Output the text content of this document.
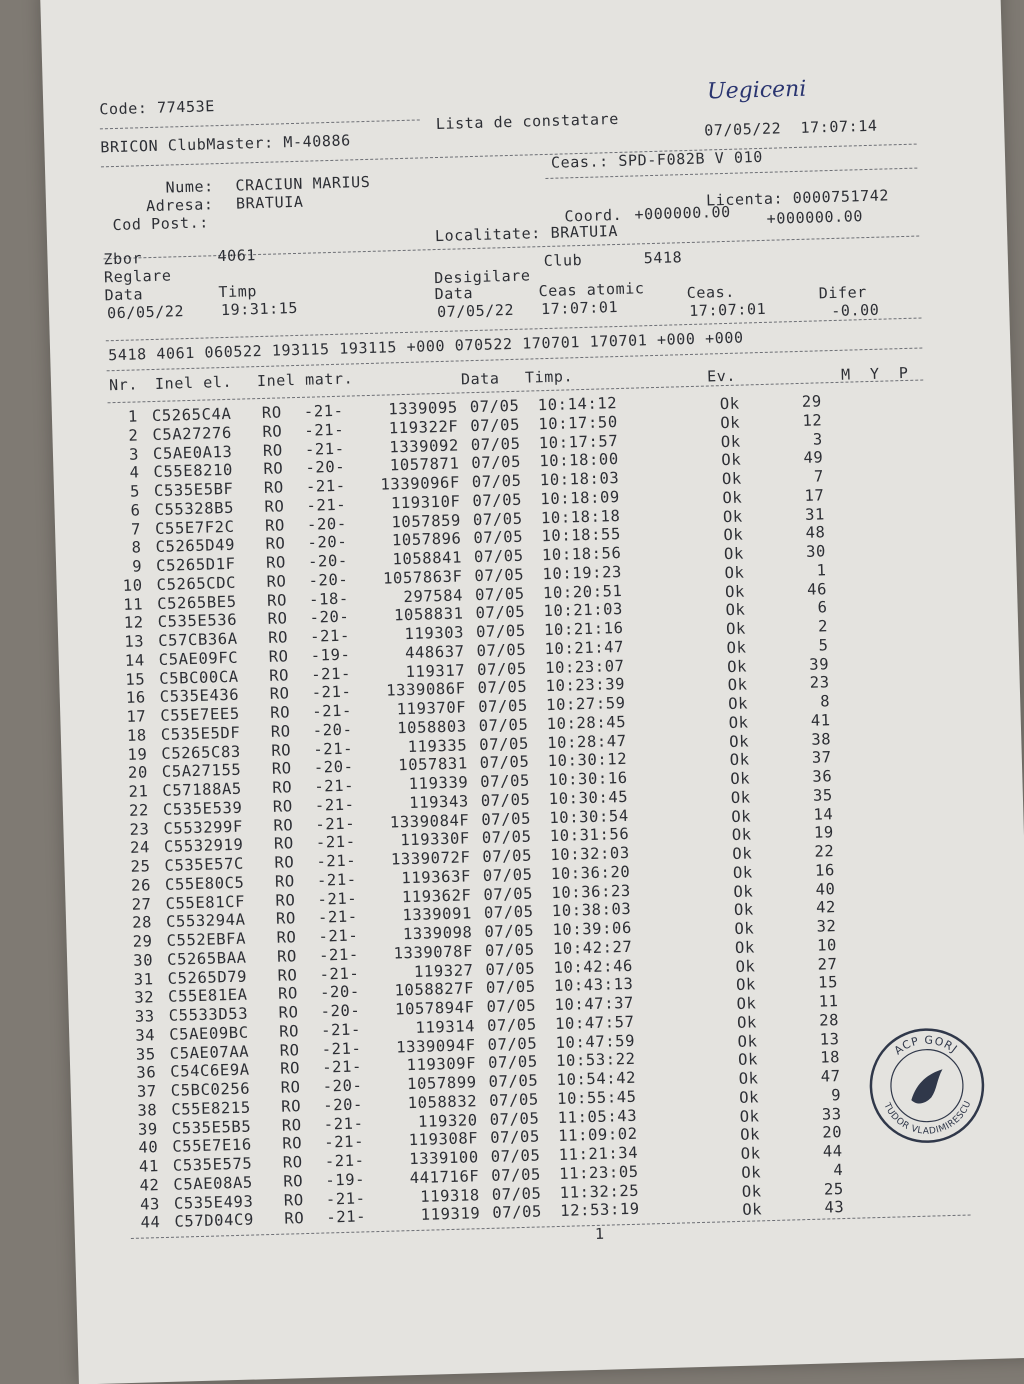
Code: 77453E
Lista de constatare
Uegiceni
BRICON ClubMaster: M-40886
07/05/22  17:07:14
Ceas.: SPD-F082B V 010
Nume: CRACIUN MARIUS
Adresa: BRATUIA
Cod Post.:
Licenta: 0000751742
Coord. +000000.00 +000000.00
Localitate: BRATUIA
Zbor	4061	Club	5418
Reglare	Desigilare
Data	Timp	Data	Ceas atomic	Ceas.	Difer
06/05/22 19:31:15	07/05/22 17:07:01	17:07:01	-0.00
5418 4061 060522 193115 193115 +000 070522 170701 170701 +000 +000
Nr. Inel el. Inel matr.	Data Timp.	Ev.	M  Y  P
1 C5265C4A	RO	-21-	1339095 07/05	10:14:12	Ok	29
2 C5A27276	RO	-21-	119322F 07/05	10:17:50	Ok	12
3 C5AE0A13	RO	-21-	1339092 07/05	10:17:57	Ok	3
4 C55E8210	RO	-20-	1057871 07/05	10:18:00	Ok	49
5 C535E5BF	RO	-21-	1339096F 07/05	10:18:03	Ok	7
6 C55328B5	RO	-21-	119310F 07/05	10:18:09	Ok	17
7 C55E7F2C	RO	-20-	1057859 07/05	10:18:18	Ok	31
8 C5265D49	RO	-20-	1057896 07/05	10:18:55	Ok	48
9 C5265D1F	RO	-20-	1058841 07/05	10:18:56	Ok	30
10 C5265CDC	RO	-20-	1057863F 07/05	10:19:23	Ok	1
11 C5265BE5	RO	-18-	297584 07/05	10:20:51	Ok	46
12 C535E536	RO	-20-	1058831 07/05	10:21:03	Ok	6
13 C57CB36A	RO	-21-	119303 07/05	10:21:16	Ok	2
14 C5AE09FC	RO	-19-	448637 07/05	10:21:47	Ok	5
15 C5BC00CA	RO	-21-	119317 07/05	10:23:07	Ok	39
16 C535E436	RO	-21-	1339086F 07/05	10:23:39	Ok	23
17 C55E7EE5	RO	-21-	119370F 07/05	10:27:59	Ok	8
18 C535E5DF	RO	-20-	1058803 07/05	10:28:45	Ok	41
19 C5265C83	RO	-21-	119335 07/05	10:28:47	Ok	38
20 C5A27155	RO	-20-	1057831 07/05	10:30:12	Ok	37
21 C57188A5	RO	-21-	119339 07/05	10:30:16	Ok	36
22 C535E539	RO	-21-	119343 07/05	10:30:45	Ok	35
23 C553299F	RO	-21-	1339084F 07/05	10:30:54	Ok	14
24 C5532919	RO	-21-	119330F 07/05	10:31:56	Ok	19
25 C535E57C	RO	-21-	1339072F 07/05	10:32:03	Ok	22
26 C55E80C5	RO	-21-	119363F 07/05	10:36:20	Ok	16
27 C55E81CF	RO	-21-	119362F 07/05	10:36:23	Ok	40
28 C553294A	RO	-21-	1339091 07/05	10:38:03	Ok	42
29 C552EBFA	RO	-21-	1339098 07/05	10:39:06	Ok	32
30 C5265BAA	RO	-21-	1339078F 07/05	10:42:27	Ok	10
31 C5265D79	RO	-21-	119327 07/05	10:42:46	Ok	27
32 C55E81EA	RO	-20-	1058827F 07/05	10:43:13	Ok	15
33 C5533D53	RO	-20-	1057894F 07/05	10:47:37	Ok	11
34 C5AE09BC	RO	-21-	119314 07/05	10:47:57	Ok	28
35 C5AE07AA	RO	-21-	1339094F 07/05	10:47:59	Ok	13
36 C54C6E9A	RO	-21-	119309F 07/05	10:53:22	Ok	18
37 C5BC0256	RO	-20-	1057899 07/05	10:54:42	Ok	47
38 C55E8215	RO	-20-	1058832 07/05	10:55:45	Ok	9
39 C535E5B5	RO	-21-	119320 07/05	11:05:43	Ok	33
40 C55E7E16	RO	-21-	119308F 07/05	11:09:02	Ok	20
41 C535E575	RO	-21-	1339100 07/05	11:21:34	Ok	44
42 C5AE08A5	RO	-19-	441716F 07/05	11:23:05	Ok	4
43 C535E493	RO	-21-	119318 07/05	11:32:25	Ok	25
44 C57D04C9	RO	-21-	119319 07/05	12:53:19	Ok	43
1
ACP GORJ
TUDOR VLADIMIRESCU
